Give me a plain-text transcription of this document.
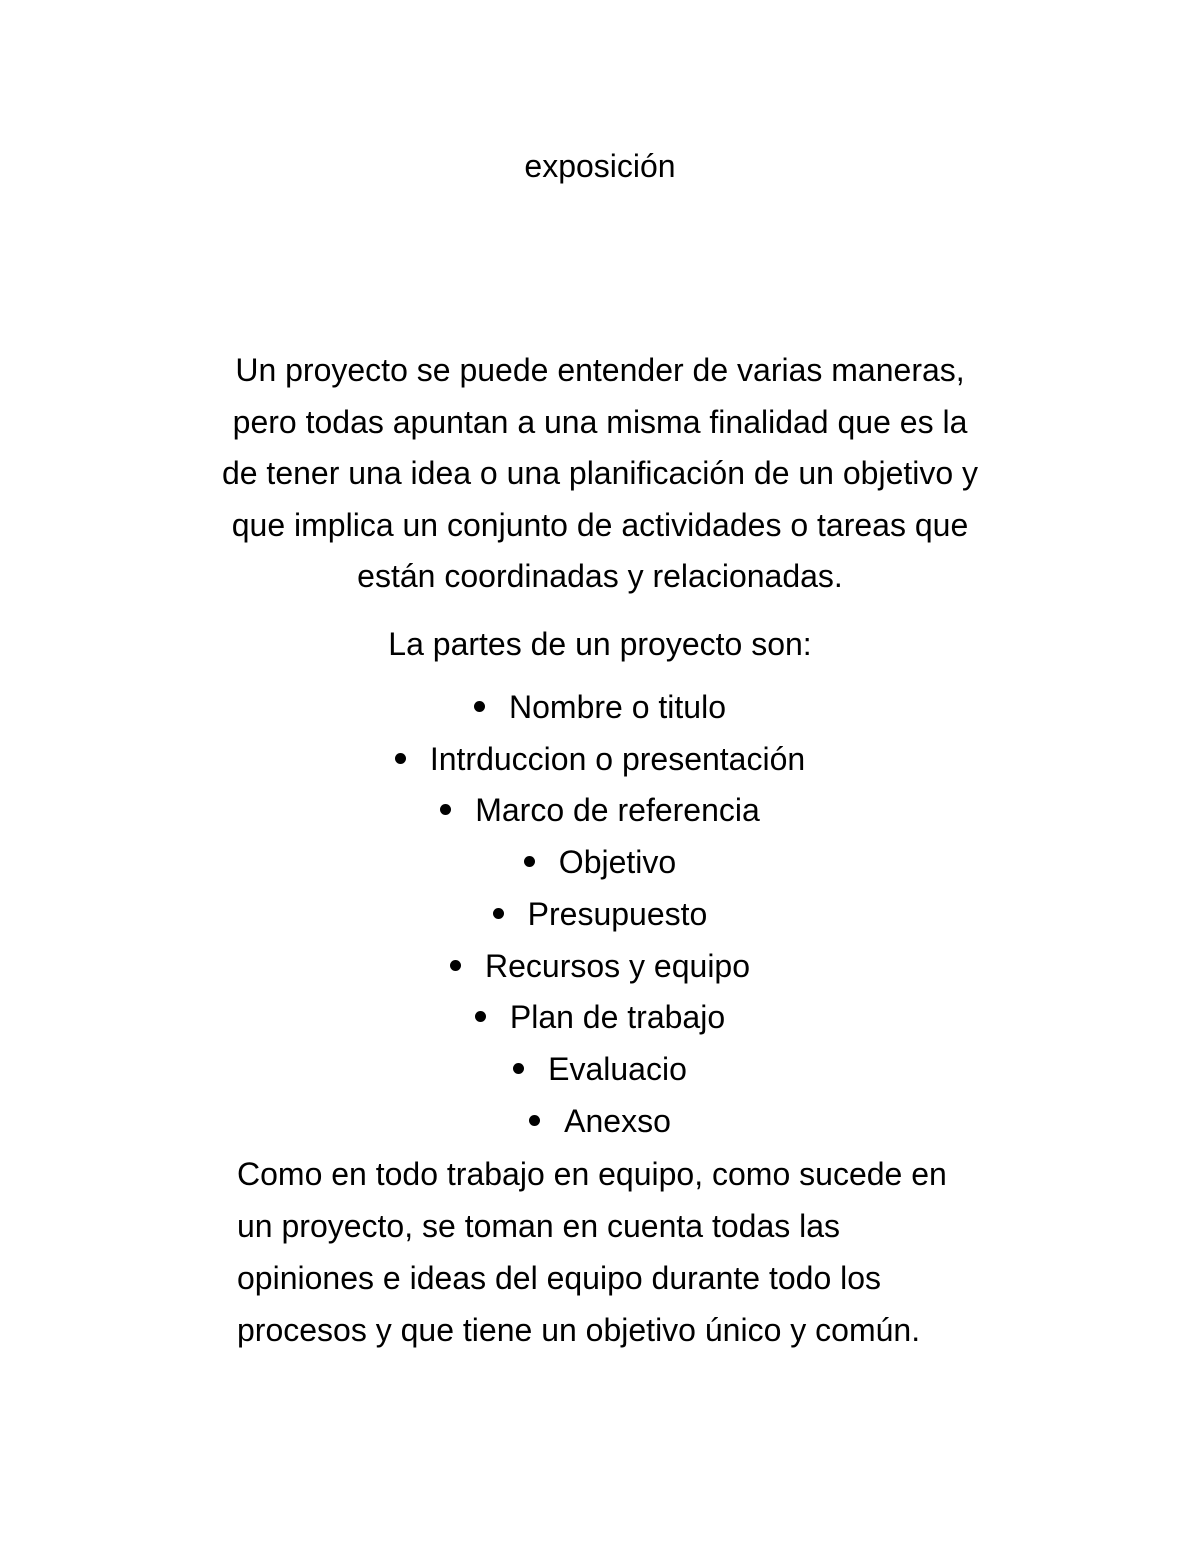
exposición

Un proyecto se puede entender de varias maneras,
pero todas apuntan a una misma finalidad que es la
de tener una idea o una planificación de un objetivo y
que implica un conjunto de actividades o tareas que
están coordinadas y relacionadas.

La partes de un proyecto son:

Nombre o titulo
Intrduccion o presentación
Marco de referencia
Objetivo
Presupuesto
Recursos y equipo
Plan de trabajo
Evaluacio
Anexso

Como en todo trabajo en equipo, como sucede en
un proyecto, se toman en cuenta todas las
opiniones e ideas del equipo durante todo los
procesos y que tiene un objetivo único y común.
